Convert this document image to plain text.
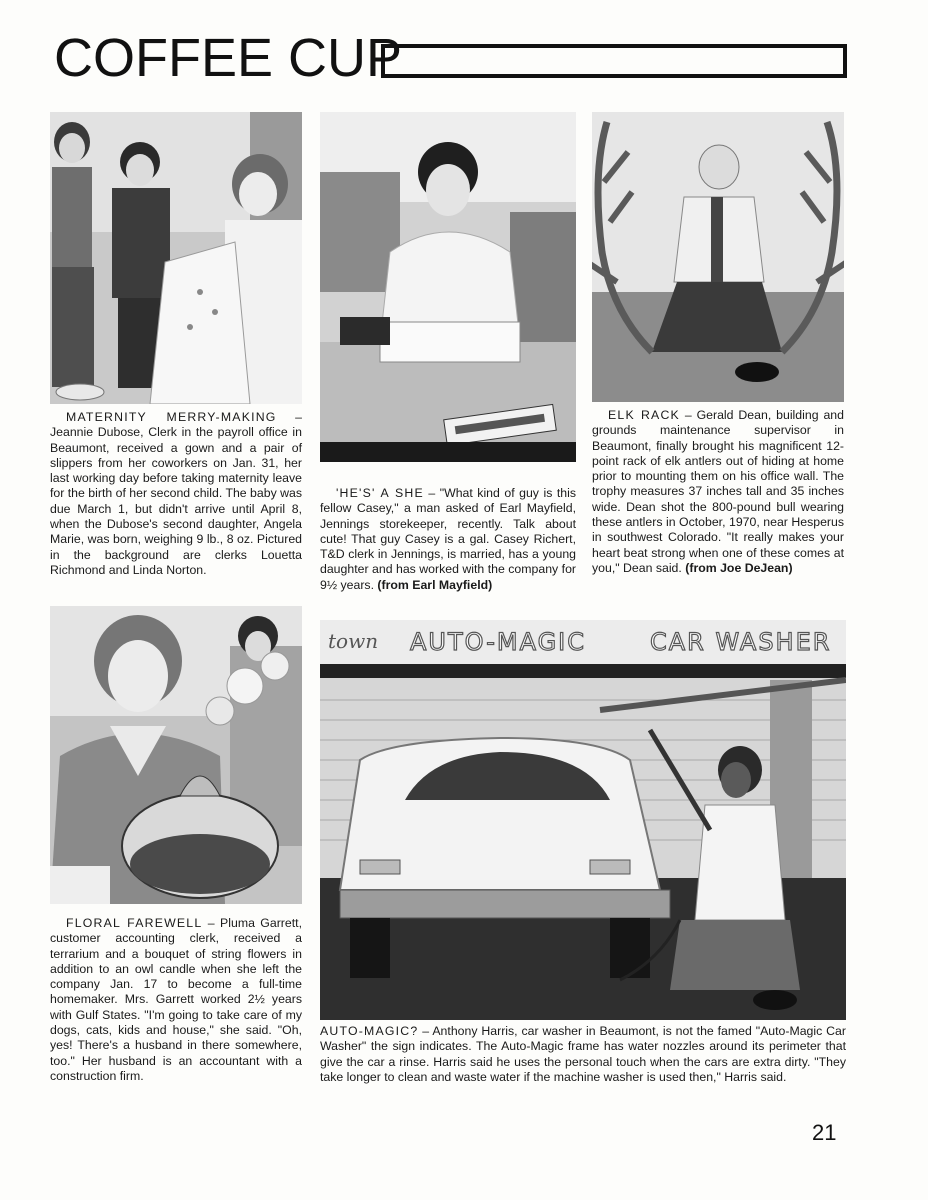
COFFEE CUP
town AUTO-MAGIC	CAR WASHER
MATERNITY MERRY-MAKING – Jeannie Dubose, Clerk in the payroll office in Beaumont, received a gown and a pair of slippers from her coworkers on Jan. 31, her last working day before taking maternity leave for the birth of her second child. The baby was due March 1, but didn't arrive until April 8, when the Dubose's second daughter, Angela Marie, was born, weighing 9 lb., 8 oz. Pictured in the background are clerks Louetta Richmond and Linda Norton.
'HE'S' A SHE – "What kind of guy is this fellow Casey," a man asked of Earl Mayfield, Jennings storekeeper, recently. Talk about cute! That guy Casey is a gal. Casey Richert, T&D clerk in Jennings, is married, has a young daughter and has worked with the company for 9½ years. (from Earl Mayfield)
ELK RACK – Gerald Dean, building and grounds maintenance supervisor in Beaumont, finally brought his magnificent 12-point rack of elk antlers out of hiding at home prior to mounting them on his office wall. The trophy measures 37 inches tall and 35 inches wide. Dean shot the 800-pound bull wearing these antlers in October, 1970, near Hesperus in southwest Colorado. "It really makes your heart beat strong when one of these comes at you," Dean said. (from Joe DeJean)
FLORAL FAREWELL – Pluma Garrett, customer accounting clerk, received a terrarium and a bouquet of string flowers in addition to an owl candle when she left the company Jan. 17 to become a full-time homemaker. Mrs. Garrett worked 2½ years with Gulf States. "I'm going to take care of my dogs, cats, kids and house," she said. "Oh, yes! There's a husband in there somewhere, too." Her husband is an accountant with a construction firm.
AUTO-MAGIC? – Anthony Harris, car washer in Beaumont, is not the famed "Auto-Magic Car Washer" the sign indicates. The Auto-Magic frame has water nozzles around its perimeter that give the car a rinse. Harris said he uses the personal touch when the cars are extra dirty. "They take longer to clean and waste water if the machine washer is used then," Harris said.
21
